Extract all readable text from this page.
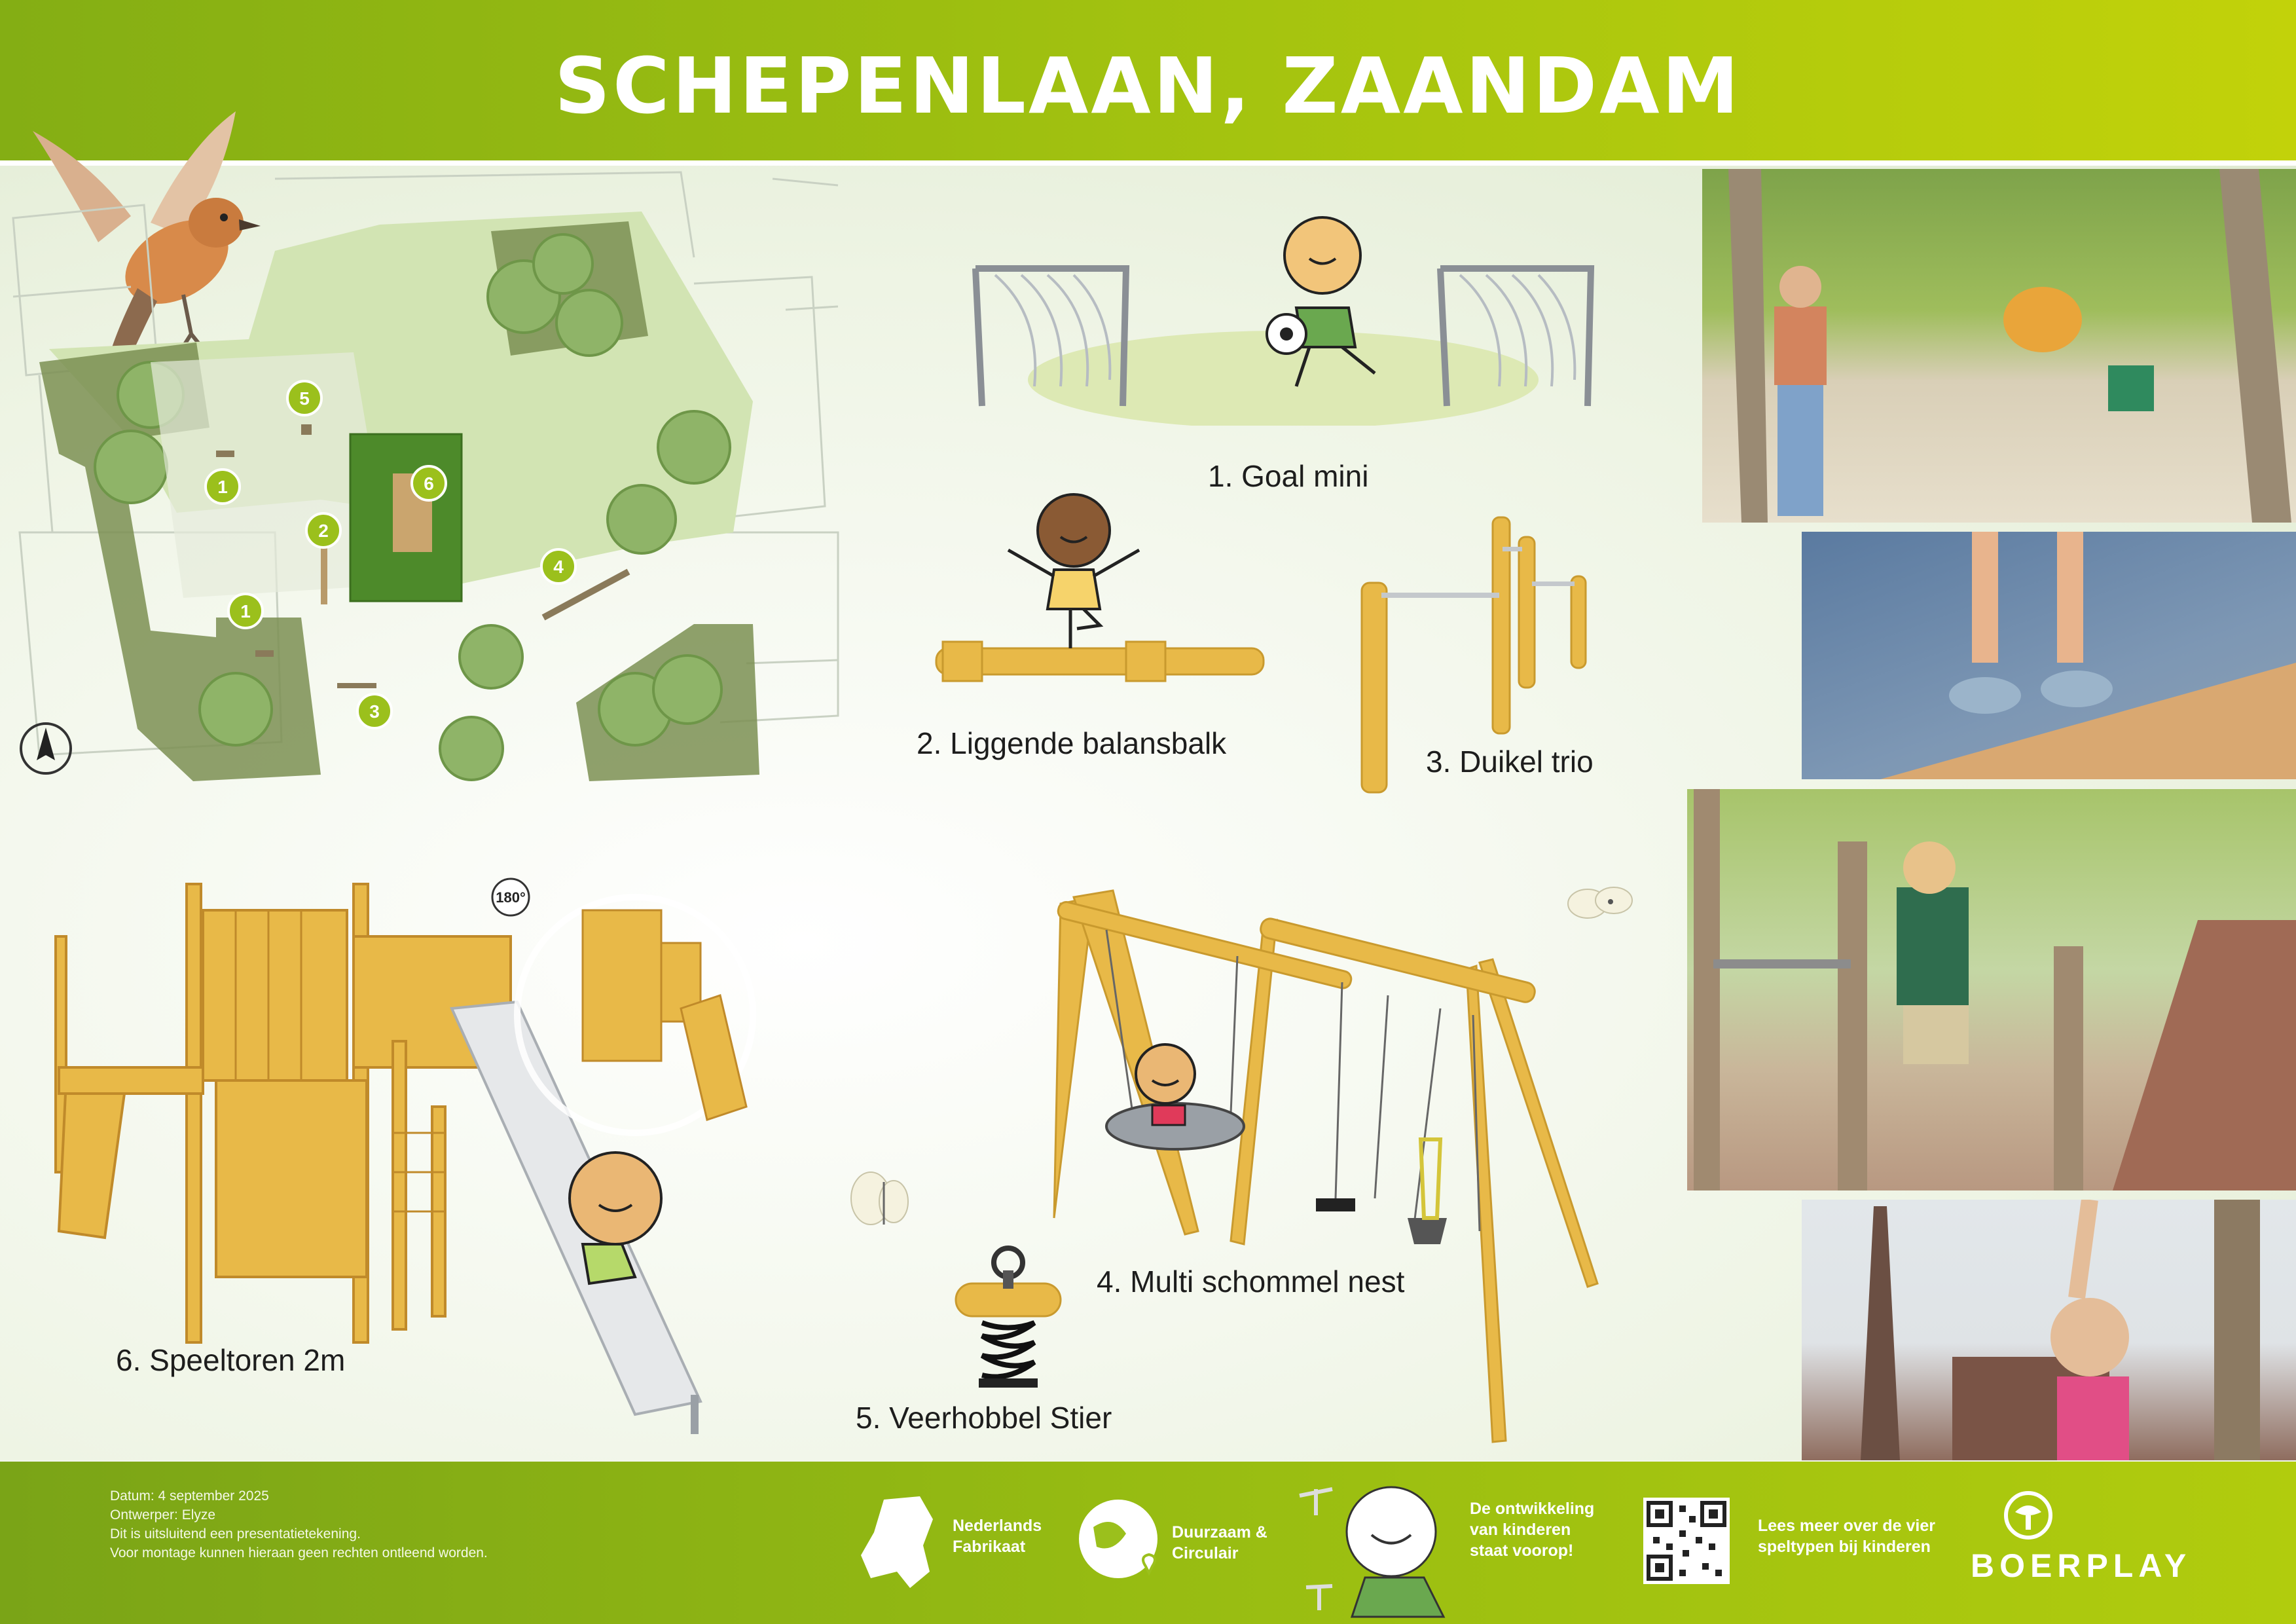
SCHEPENLAAN, ZAANDAM
5
1
2
6
1
4
3
1. Goal mini
2. Liggende balansbalk
3. Duikel trio
180°
6. Speeltoren 2m
4. Multi schommel nest
5. Veerhobbel Stier
Datum: 4 september 2025
Ontwerper: Elyze
Dit is uitsluitend een presentatietekening.
Voor montage kunnen hieraan geen rechten ontleend worden.
Nederlands
Fabrikaat
Duurzaam &
Circulair
De ontwikkeling
van kinderen
staat voorop!
Lees meer over de vier
speltypen bij kinderen
BOERPLAY
